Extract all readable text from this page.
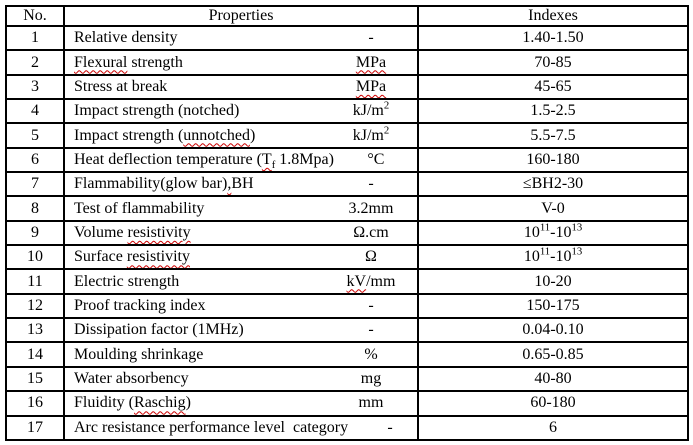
No.	Properties	Indexes
1	Relative density -	1.40-1.50
2	Flexural strength MPa	70-85
3	Stress at break MPa	45-65
4	Impact strength (notched) $kJ/m^2$	1.5-2.5
5	Impact strength (unnotched) $kJ/m^2$	5.5-7.5
6	Heat deflection temperature ($T_f$ 1.8Mpa) °C	160-180
7	Flammability(glow bar),BH -	≤BH2-30
8	Test of flammability 3.2mm	V-0
9	Volume resistivity Ω.cm	$10^{11}-10^{13}$
10	Surface resistivity Ω	$10^{11}-10^{13}$
11	Electric strength kV/mm	10-20
12	Proof tracking index -	150-175
13	Dissipation factor (1MHz) -	0.04-0.10
14	Moulding shrinkage %	0.65-0.85
15	Water absorbency mg	40-80
16	Fluidity (Raschig) mm	60-180
17	Arc resistance performance level  category -	6
